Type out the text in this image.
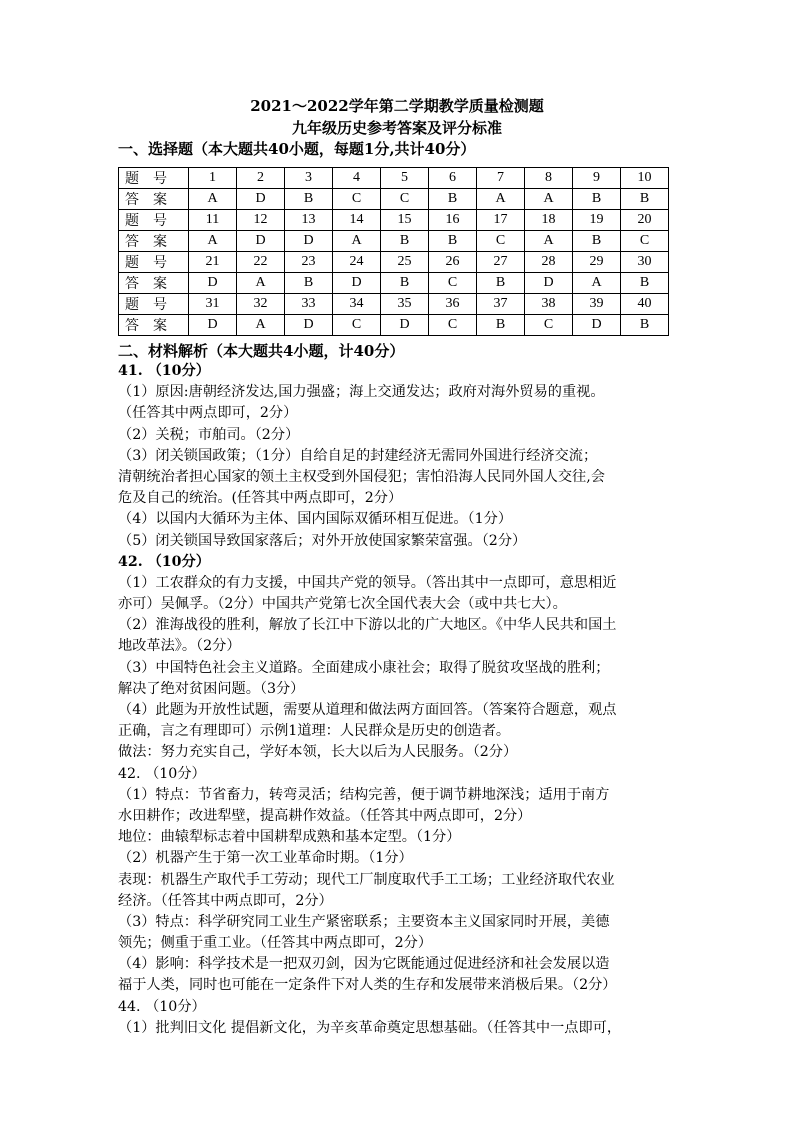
2021～2022学年第二学期教学质量检测题
九年级历史参考答案及评分标准
一、选择题（本大题共40小题，每题1分,共计40分）
题号	1	2	3	4	5	6	7	8	9	10
答案	A	D	B	C	C	B	A	A	B	B
题号	11	12	13	14	15	16	17	18	19	20
答案	A	D	D	A	B	B	C	A	B	C
题号	21	22	23	24	25	26	27	28	29	30
答案	D	A	B	D	B	C	B	D	A	B
题号	31	32	33	34	35	36	37	38	39	40
答案	D	A	D	C	D	C	B	C	D	B
二、材料解析（本大题共4小题，计40分）
41. （10分）
（1）原因:唐朝经济发达,国力强盛；海上交通发达；政府对海外贸易的重视。
（任答其中两点即可，2分）
（2）关税；市舶司。（2分）
（3）闭关锁国政策；（1分）自给自足的封建经济无需同外国进行经济交流；
清朝统治者担心国家的领土主权受到外国侵犯；害怕沿海人民同外国人交往,会
危及自己的统治。(任答其中两点即可，2分）
（4）以国内大循环为主体、国内国际双循环相互促进。（1分）
（5）闭关锁国导致国家落后；对外开放使国家繁荣富强。（2分）
42. （10分）
（1）工农群众的有力支援，中国共产党的领导。（答出其中一点即可，意思相近
亦可）吴佩孚。（2分）中国共产党第七次全国代表大会（或中共七大）。
（2）淮海战役的胜利，解放了长江中下游以北的广大地区。《中华人民共和国土
地改革法》。（2分）
（3）中国特色社会主义道路。全面建成小康社会；取得了脱贫攻坚战的胜利；
解决了绝对贫困问题。（3分）
（4）此题为开放性试题，需要从道理和做法两方面回答。（答案符合题意，观点
正确，言之有理即可）示例1道理：人民群众是历史的创造者。
做法：努力充实自己，学好本领，长大以后为人民服务。（2分）
42. （10分）
（1）特点：节省畜力，转弯灵活；结构完善，便于调节耕地深浅；适用于南方
水田耕作；改进犁壁，提高耕作效益。（任答其中两点即可，2分）
地位：曲辕犁标志着中国耕犁成熟和基本定型。（1分）
（2）机器产生于第一次工业革命时期。（1分）
表现：机器生产取代手工劳动；现代工厂制度取代手工工场；工业经济取代农业
经济。（任答其中两点即可，2分）
（3）特点：科学研究同工业生产紧密联系；主要资本主义国家同时开展，美德
领先；侧重于重工业。（任答其中两点即可，2分）
（4）影响：科学技术是一把双刃剑，因为它既能通过促进经济和社会发展以造
福于人类，同时也可能在一定条件下对人类的生存和发展带来消极后果。（2分）
44. （10分）
（1）批判旧文化 提倡新文化，为辛亥革命奠定思想基础。（任答其中一点即可，
